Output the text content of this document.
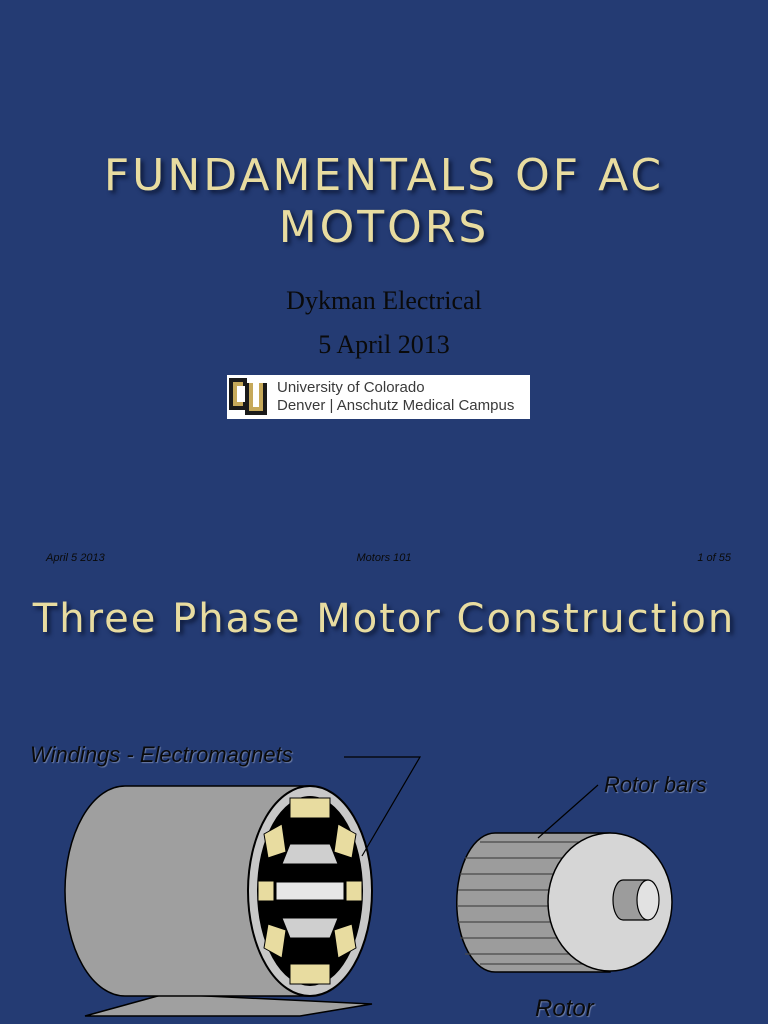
FUNDAMENTALS OF AC MOTORS
Dykman Electrical
5 April 2013
University of Colorado
Denver | Anschutz Medical Campus
April 5 2013	Motors 101	1 of 55
Three Phase Motor Construction
Windings - Electromagnets
Rotor bars
Rotor
